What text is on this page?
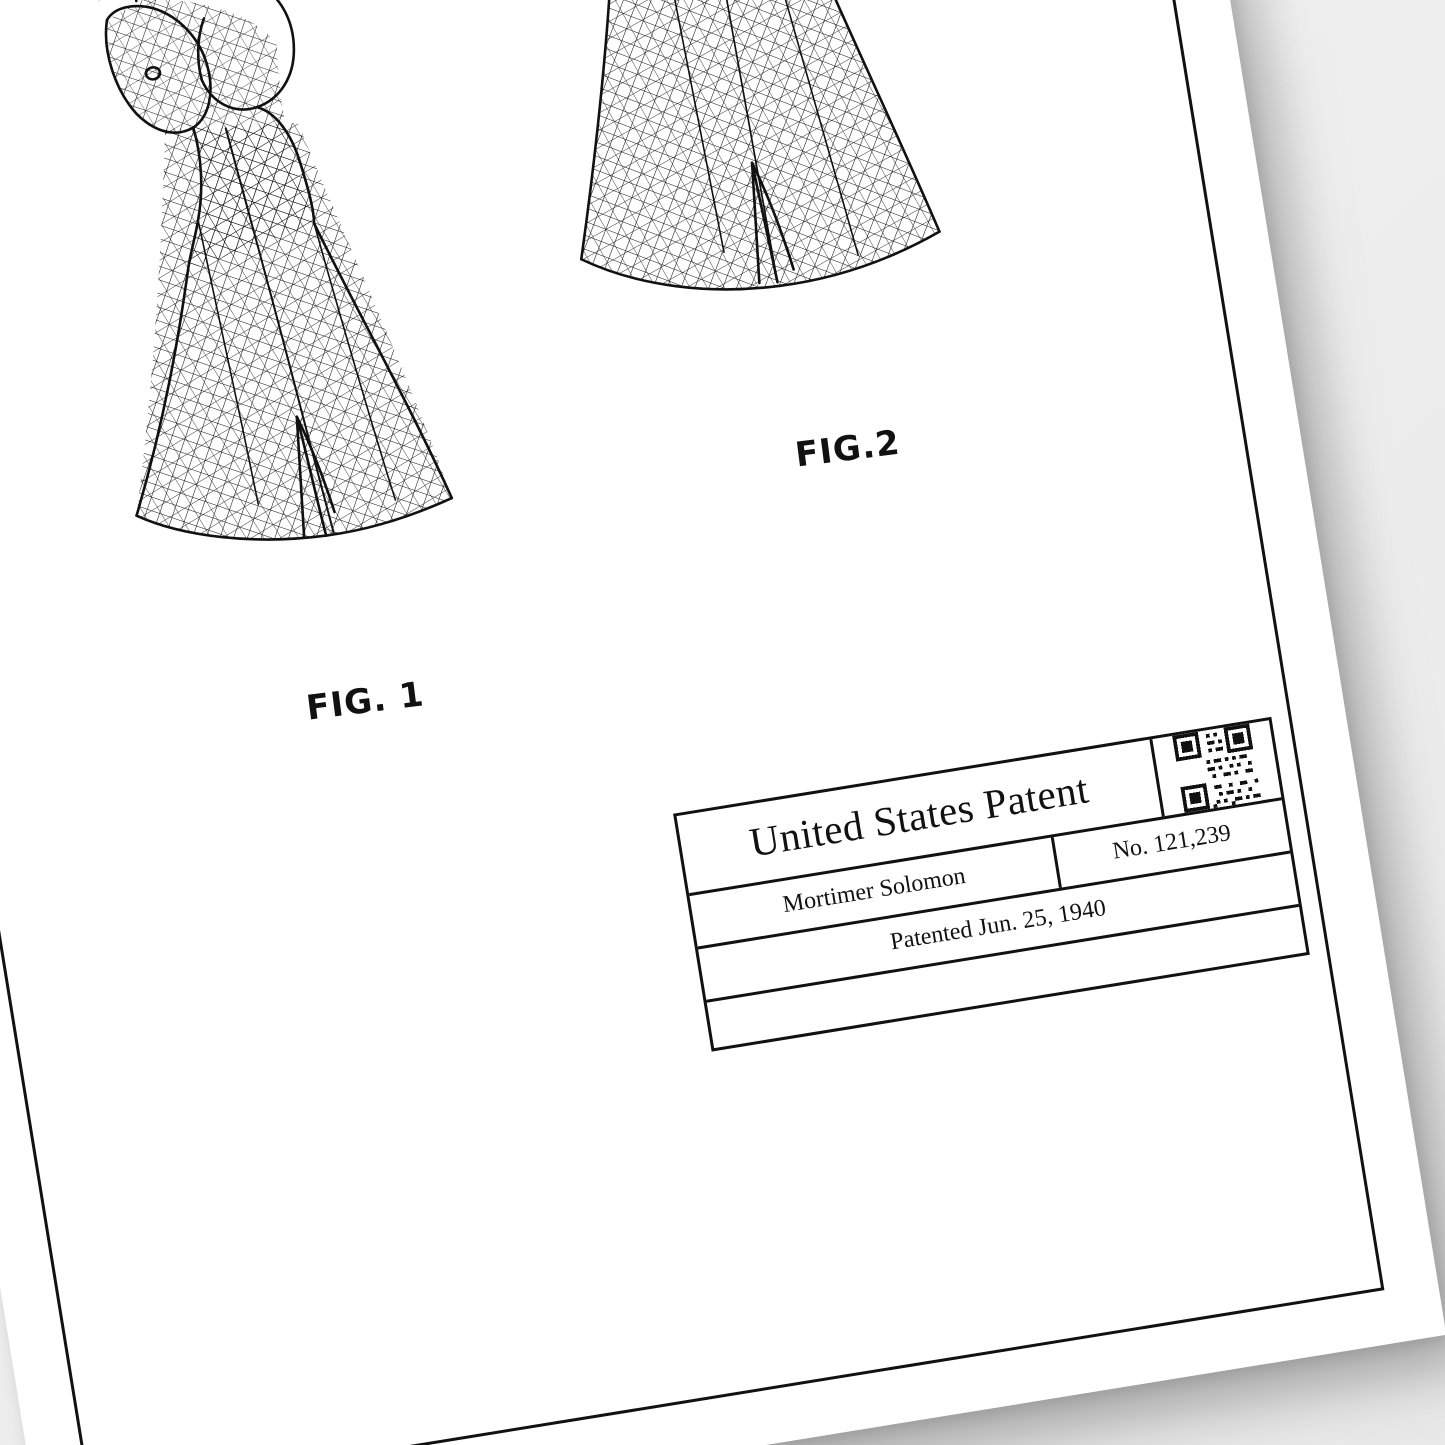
FIG. 1
FIG.2
United States Patent
Mortimer Solomon
No. 121,239
Patented Jun. 25, 1940
